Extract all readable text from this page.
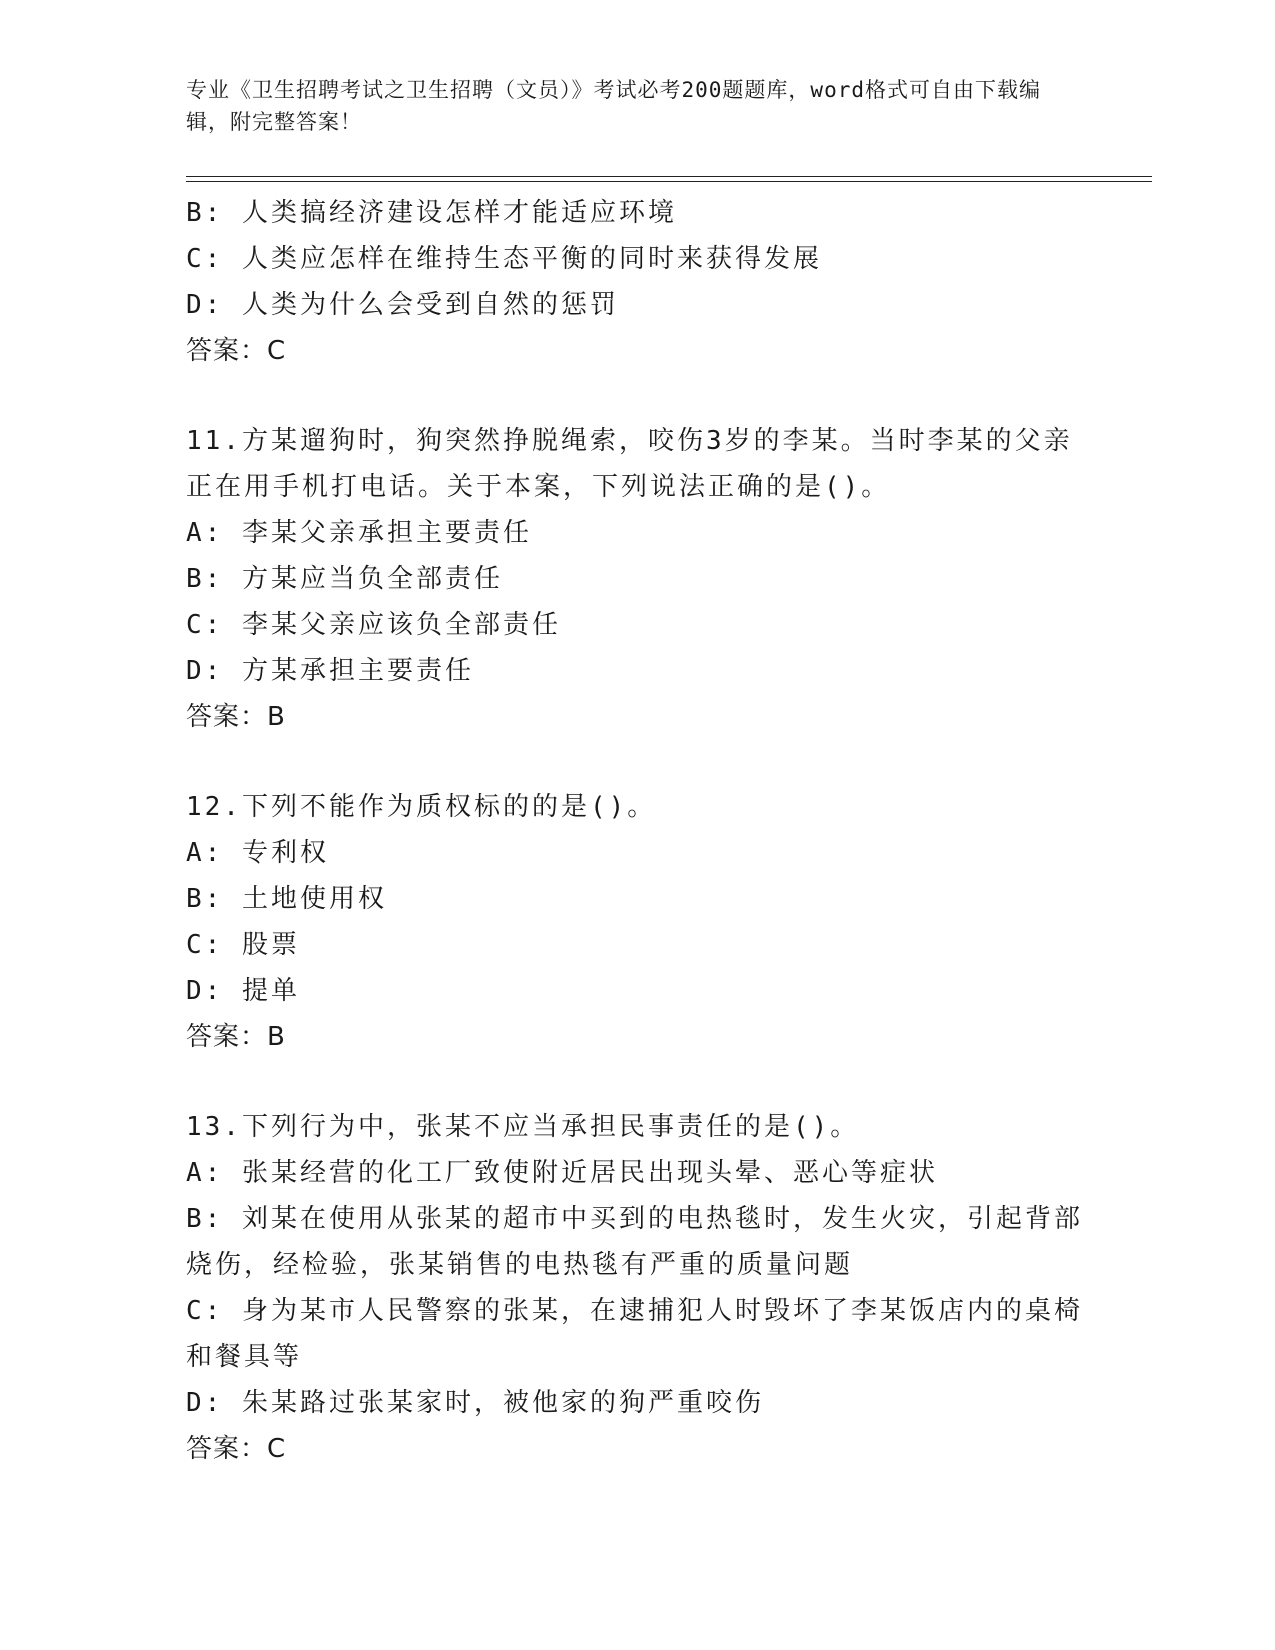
专业《卫生招聘考试之卫生招聘（文员）》考试必考200题题库，word格式可自由下载编辑，附完整答案！
B: 人类搞经济建设怎样才能适应环境
C: 人类应怎样在维持生态平衡的同时来获得发展
D: 人类为什么会受到自然的惩罚
答案：C
11.方某遛狗时，狗突然挣脱绳索，咬伤3岁的李某。当时李某的父亲
正在用手机打电话。关于本案，下列说法正确的是()。
A: 李某父亲承担主要责任
B: 方某应当负全部责任
C: 李某父亲应该负全部责任
D: 方某承担主要责任
答案：B
12.下列不能作为质权标的的是()。
A: 专利权
B: 土地使用权
C: 股票
D: 提单
答案：B
13.下列行为中，张某不应当承担民事责任的是()。
A: 张某经营的化工厂致使附近居民出现头晕、恶心等症状
B: 刘某在使用从张某的超市中买到的电热毯时，发生火灾，引起背部
烧伤，经检验，张某销售的电热毯有严重的质量问题
C: 身为某市人民警察的张某，在逮捕犯人时毁坏了李某饭店内的桌椅
和餐具等
D: 朱某路过张某家时，被他家的狗严重咬伤
答案：C
